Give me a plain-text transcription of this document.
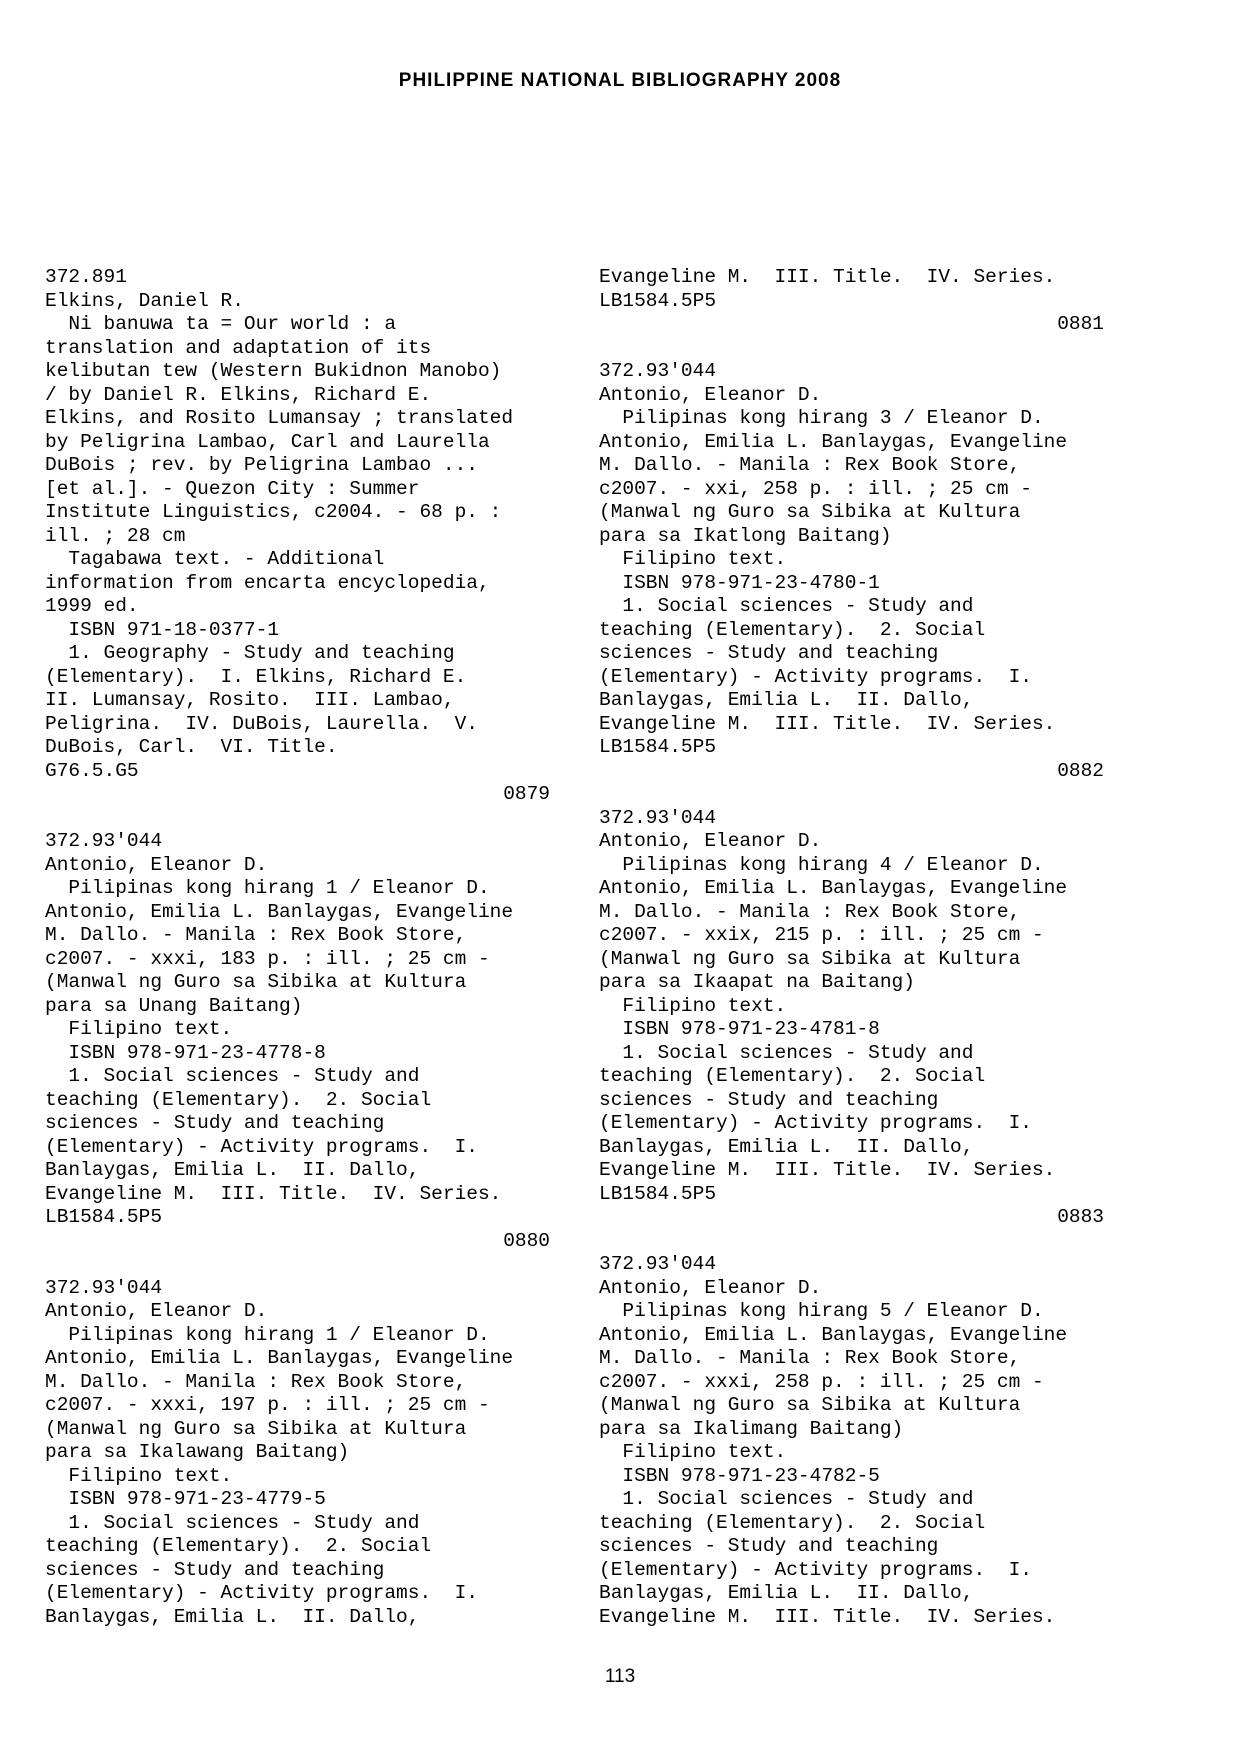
PHILIPPINE NATIONAL BIBLIOGRAPHY 2008
372.891
Elkins, Daniel R.
Ni banuwa ta = Our world : a
translation and adaptation of its
kelibutan tew (Western Bukidnon Manobo)
/ by Daniel R. Elkins, Richard E.
Elkins, and Rosito Lumansay ; translated
by Peligrina Lambao, Carl and Laurella
DuBois ; rev. by Peligrina Lambao ...
[et al.]. - Quezon City : Summer
Institute Linguistics, c2004. - 68 p. :
ill. ; 28 cm
Tagabawa text. - Additional
information from encarta encyclopedia,
1999 ed.
ISBN 971-18-0377-1
1. Geography - Study and teaching
(Elementary).  I. Elkins, Richard E.
II. Lumansay, Rosito.  III. Lambao,
Peligrina.  IV. DuBois, Laurella.  V.
DuBois, Carl.  VI. Title.
G76.5.G5
0879
372.93'044
Antonio, Eleanor D.
Pilipinas kong hirang 1 / Eleanor D.
Antonio, Emilia L. Banlaygas, Evangeline
M. Dallo. - Manila : Rex Book Store,
c2007. - xxxi, 183 p. : ill. ; 25 cm -
(Manwal ng Guro sa Sibika at Kultura
para sa Unang Baitang)
Filipino text.
ISBN 978-971-23-4778-8
1. Social sciences - Study and
teaching (Elementary).  2. Social
sciences - Study and teaching
(Elementary) - Activity programs.  I.
Banlaygas, Emilia L.  II. Dallo,
Evangeline M.  III. Title.  IV. Series.
LB1584.5P5
0880
372.93'044
Antonio, Eleanor D.
Pilipinas kong hirang 1 / Eleanor D.
Antonio, Emilia L. Banlaygas, Evangeline
M. Dallo. - Manila : Rex Book Store,
c2007. - xxxi, 197 p. : ill. ; 25 cm -
(Manwal ng Guro sa Sibika at Kultura
para sa Ikalawang Baitang)
Filipino text.
ISBN 978-971-23-4779-5
1. Social sciences - Study and
teaching (Elementary).  2. Social
sciences - Study and teaching
(Elementary) - Activity programs.  I.
Banlaygas, Emilia L.  II. Dallo,
Evangeline M.  III. Title.  IV. Series.
LB1584.5P5
0881
372.93'044
Antonio, Eleanor D.
Pilipinas kong hirang 3 / Eleanor D.
Antonio, Emilia L. Banlaygas, Evangeline
M. Dallo. - Manila : Rex Book Store,
c2007. - xxi, 258 p. : ill. ; 25 cm -
(Manwal ng Guro sa Sibika at Kultura
para sa Ikatlong Baitang)
Filipino text.
ISBN 978-971-23-4780-1
1. Social sciences - Study and
teaching (Elementary).  2. Social
sciences - Study and teaching
(Elementary) - Activity programs.  I.
Banlaygas, Emilia L.  II. Dallo,
Evangeline M.  III. Title.  IV. Series.
LB1584.5P5
0882
372.93'044
Antonio, Eleanor D.
Pilipinas kong hirang 4 / Eleanor D.
Antonio, Emilia L. Banlaygas, Evangeline
M. Dallo. - Manila : Rex Book Store,
c2007. - xxix, 215 p. : ill. ; 25 cm -
(Manwal ng Guro sa Sibika at Kultura
para sa Ikaapat na Baitang)
Filipino text.
ISBN 978-971-23-4781-8
1. Social sciences - Study and
teaching (Elementary).  2. Social
sciences - Study and teaching
(Elementary) - Activity programs.  I.
Banlaygas, Emilia L.  II. Dallo,
Evangeline M.  III. Title.  IV. Series.
LB1584.5P5
0883
372.93'044
Antonio, Eleanor D.
Pilipinas kong hirang 5 / Eleanor D.
Antonio, Emilia L. Banlaygas, Evangeline
M. Dallo. - Manila : Rex Book Store,
c2007. - xxxi, 258 p. : ill. ; 25 cm -
(Manwal ng Guro sa Sibika at Kultura
para sa Ikalimang Baitang)
Filipino text.
ISBN 978-971-23-4782-5
1. Social sciences - Study and
teaching (Elementary).  2. Social
sciences - Study and teaching
(Elementary) - Activity programs.  I.
Banlaygas, Emilia L.  II. Dallo,
Evangeline M.  III. Title.  IV. Series.
113
